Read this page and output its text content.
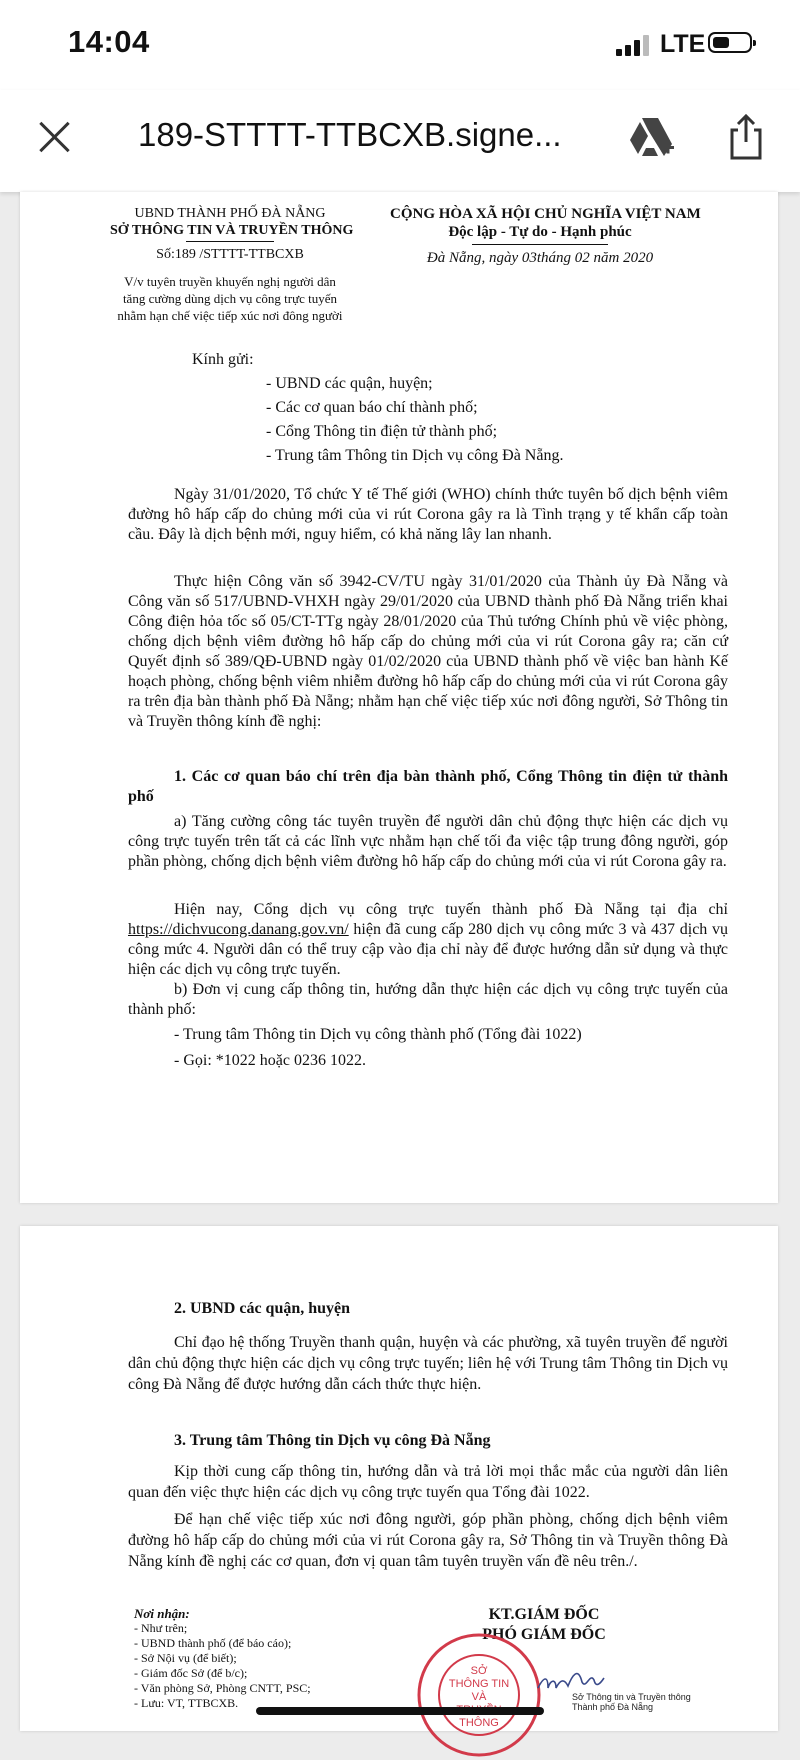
14:04	LTE
189-STTTT-TTBCXB.signe...
UBND THÀNH PHỐ ĐÀ NẴNG
SỞ THÔNG TIN VÀ TRUYỀN THÔNG
Số:189 /STTTT-TTBCXB
V/v tuyên truyền khuyến nghị người dân
tăng cường dùng dịch vụ công trực tuyến
nhằm hạn chế việc tiếp xúc nơi đông người
CỘNG HÒA XÃ HỘI CHỦ NGHĨA VIỆT NAM
Độc lập - Tự do - Hạnh phúc
Đà Nẵng, ngày 03tháng 02 năm 2020
Kính gửi:
- UBND các quận, huyện;
- Các cơ quan báo chí thành phố;
- Cổng Thông tin điện tử thành phố;
- Trung tâm Thông tin Dịch vụ công Đà Nẵng.

Ngày 31/01/2020, Tổ chức Y tế Thế giới (WHO) chính thức tuyên bố dịch bệnh viêm đường hô hấp cấp do chủng mới của vi rút Corona gây ra là Tình trạng y tế khẩn cấp toàn cầu. Đây là dịch bệnh mới, nguy hiểm, có khả năng lây lan nhanh.

Thực hiện Công văn số 3942-CV/TU ngày 31/01/2020 của Thành ủy Đà Nẵng và Công văn số 517/UBND-VHXH ngày 29/01/2020 của UBND thành phố Đà Nẵng triển khai Công điện hỏa tốc số 05/CT-TTg ngày 28/01/2020 của Thủ tướng Chính phủ về việc phòng, chống dịch bệnh viêm đường hô hấp cấp do chủng mới của vi rút Corona gây ra; căn cứ Quyết định số 389/QĐ-UBND ngày 01/02/2020 của UBND thành phố về việc ban hành Kế hoạch phòng, chống bệnh viêm nhiễm đường hô hấp cấp do chủng mới của vi rút Corona gây ra trên địa bàn thành phố Đà Nẵng; nhằm hạn chế việc tiếp xúc nơi đông người, Sở Thông tin và Truyền thông kính đề nghị:

1. Các cơ quan báo chí trên địa bàn thành phố, Cổng Thông tin điện tử thành phố

a) Tăng cường công tác tuyên truyền để người dân chủ động thực hiện các dịch vụ công trực tuyến trên tất cả các lĩnh vực nhằm hạn chế tối đa việc tập trung đông người, góp phần phòng, chống dịch bệnh viêm đường hô hấp cấp do chủng mới của vi rút Corona gây ra.

Hiện nay, Cổng dịch vụ công trực tuyến thành phố Đà Nẵng tại địa chỉ https://dichvucong.danang.gov.vn/ hiện đã cung cấp 280 dịch vụ công mức 3 và 437 dịch vụ công mức 4. Người dân có thể truy cập vào địa chỉ này để được hướng dẫn sử dụng và thực hiện các dịch vụ công trực tuyến.

b) Đơn vị cung cấp thông tin, hướng dẫn thực hiện các dịch vụ công trực tuyến của thành phố:

- Trung tâm Thông tin Dịch vụ công thành phố (Tổng đài 1022)
- Gọi: *1022 hoặc 0236 1022.
2. UBND các quận, huyện

Chỉ đạo hệ thống Truyền thanh quận, huyện và các phường, xã tuyên truyền để người dân chủ động thực hiện các dịch vụ công trực tuyến; liên hệ với Trung tâm Thông tin Dịch vụ công Đà Nẵng để được hướng dẫn cách thức thực hiện.

3. Trung tâm Thông tin Dịch vụ công Đà Nẵng

Kịp thời cung cấp thông tin, hướng dẫn và trả lời mọi thắc mắc của người dân liên quan đến việc thực hiện các dịch vụ công trực tuyến qua Tổng đài 1022.

Để hạn chế việc tiếp xúc nơi đông người, góp phần phòng, chống dịch bệnh viêm đường hô hấp cấp do chủng mới của vi rút Corona gây ra, Sở Thông tin và Truyền thông Đà Nẵng kính đề nghị các cơ quan, đơn vị quan tâm tuyên truyền vấn đề nêu trên./.

Nơi nhận:
- Như trên;
- UBND thành phố (để báo cáo);
- Sở Nội vụ (để biết);
- Giám đốc Sở (để b/c);
- Văn phòng Sở, Phòng CNTT, PSC;
- Lưu: VT, TTBCXB.
KT.GIÁM ĐỐC
PHÓ GIÁM ĐỐC
SỞ
THÔNG TIN
VÀ
THÔNG
Sở Thông tin và Truyền thông
Thành phố Đà Nẵng
